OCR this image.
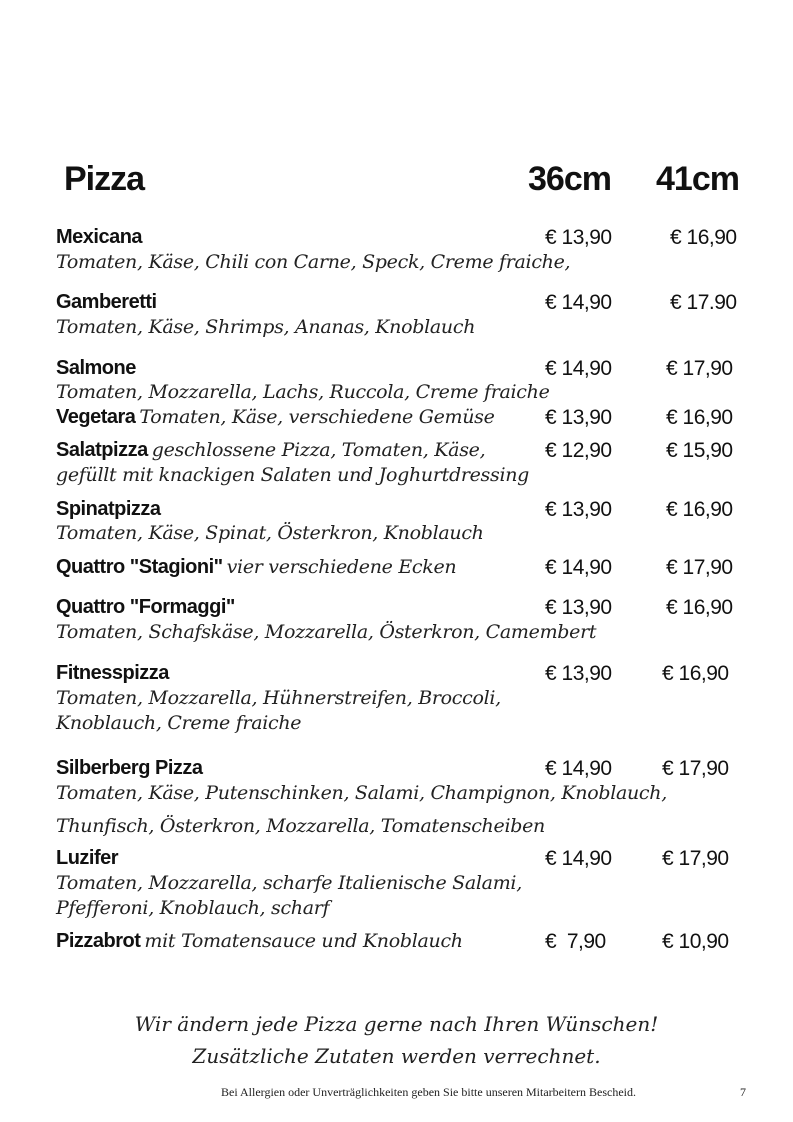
Pizza	36cm 41cm
Mexicana	€ 13,90	€ 16,90
Tomaten, Käse, Chili con Carne, Speck, Creme fraiche,
Gamberetti	€ 14,90	€ 17.90
Tomaten, Käse, Shrimps, Ananas, Knoblauch
Salmone	€ 14,90	€ 17,90
Tomaten, Mozzarella, Lachs, Ruccola, Creme fraiche
Vegetara Tomaten, Käse, verschiedene Gemüse € 13,90	€ 16,90
Salatpizza geschlossene Pizza, Tomaten, Käse,	€ 12,90	€ 15,90
gefüllt mit knackigen Salaten und Joghurtdressing
Spinatpizza	€ 13,90	€ 16,90
Tomaten, Käse, Spinat, Österkron, Knoblauch
Quattro "Stagioni" vier verschiedene Ecken	€ 14,90	€ 17,90
Quattro "Formaggi"	€ 13,90	€ 16,90
Tomaten, Schafskäse, Mozzarella, Österkron, Camembert
Fitnesspizza	€ 13,90 € 16,90
Tomaten, Mozzarella, Hühnerstreifen, Broccoli,
Knoblauch, Creme fraiche
Silberberg Pizza	€ 14,90 € 17,90
Tomaten, Käse, Putenschinken, Salami, Champignon, Knoblauch,
Thunfisch, Österkron, Mozzarella, Tomatenscheiben
Luzifer	€ 14,90 € 17,90
Tomaten, Mozzarella, scharfe Italienische Salami,
Pfefferoni, Knoblauch, scharf
Pizzabrot mit Tomatensauce und Knoblauch	€  7,90	€ 10,90
Wir ändern jede Pizza gerne nach Ihren Wünschen!
Zusätzliche Zutaten werden verrechnet.
Bei Allergien oder Unverträglichkeiten geben Sie bitte unseren Mitarbeitern Bescheid.	7
